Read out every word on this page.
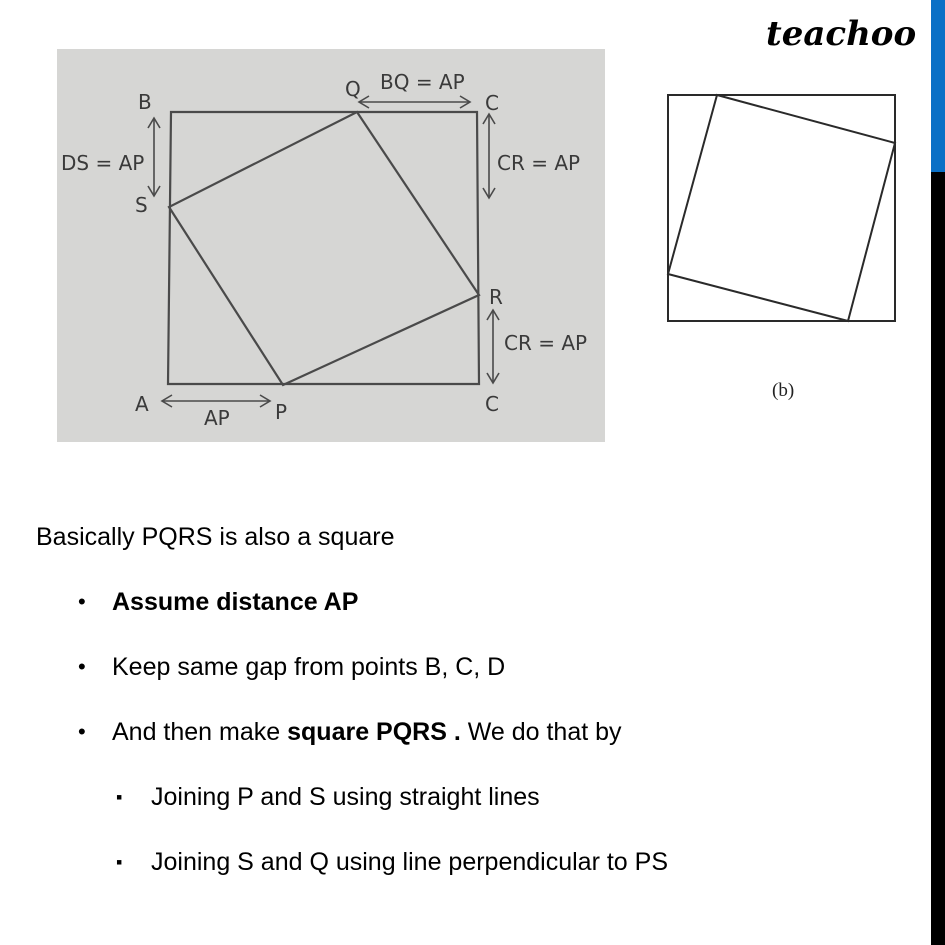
teachoo
B
Q
C
S
R
A	P	C
DS = AP
BQ = AP
CR = AP
CR = AP
AP
(b)

Basically PQRS is also a square

• Assume distance AP
• Keep same gap from points B, C, D
• And then make square PQRS . We do that by
▪ Joining P and S using straight lines
▪ Joining S and Q using line perpendicular to PS
